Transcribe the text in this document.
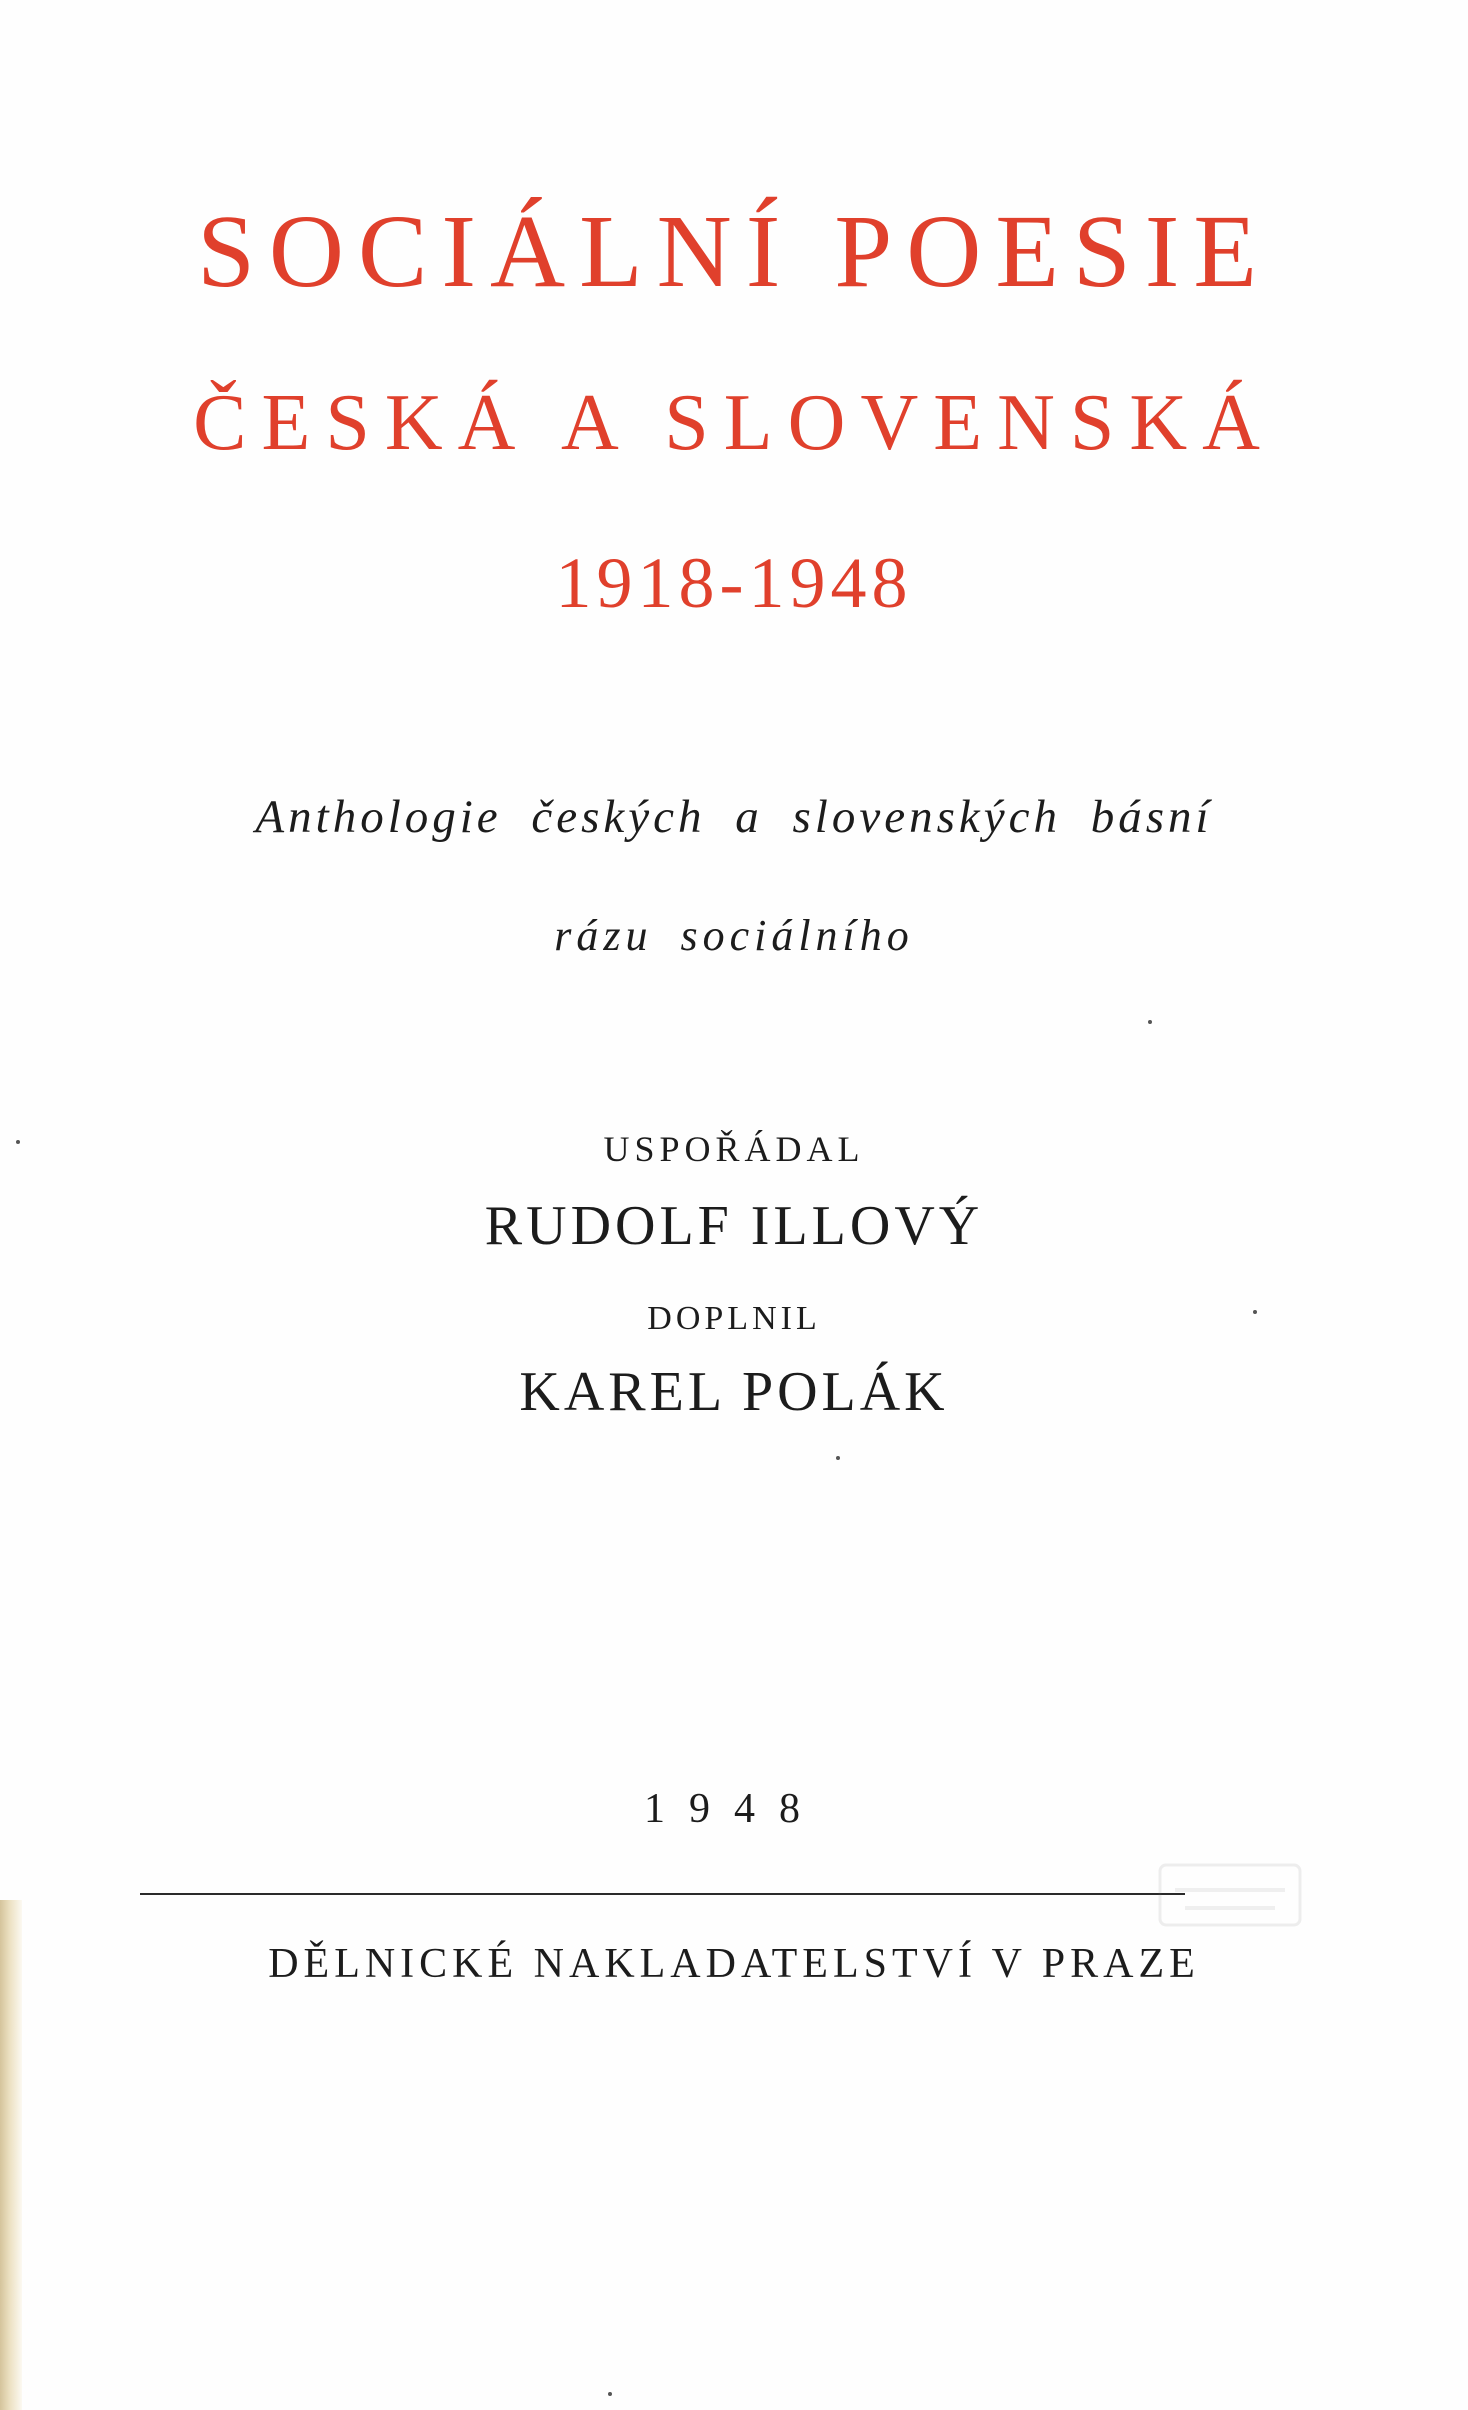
SOCIÁLNÍ POESIE
ČESKÁ A SLOVENSKÁ
1918-1948
Anthologie českých a slovenských básní
rázu sociálního
USPOŘÁDAL
RUDOLF ILLOVÝ
DOPLNIL
KAREL POLÁK
1948
DĚLNICKÉ NAKLADATELSTVÍ V PRAZE
